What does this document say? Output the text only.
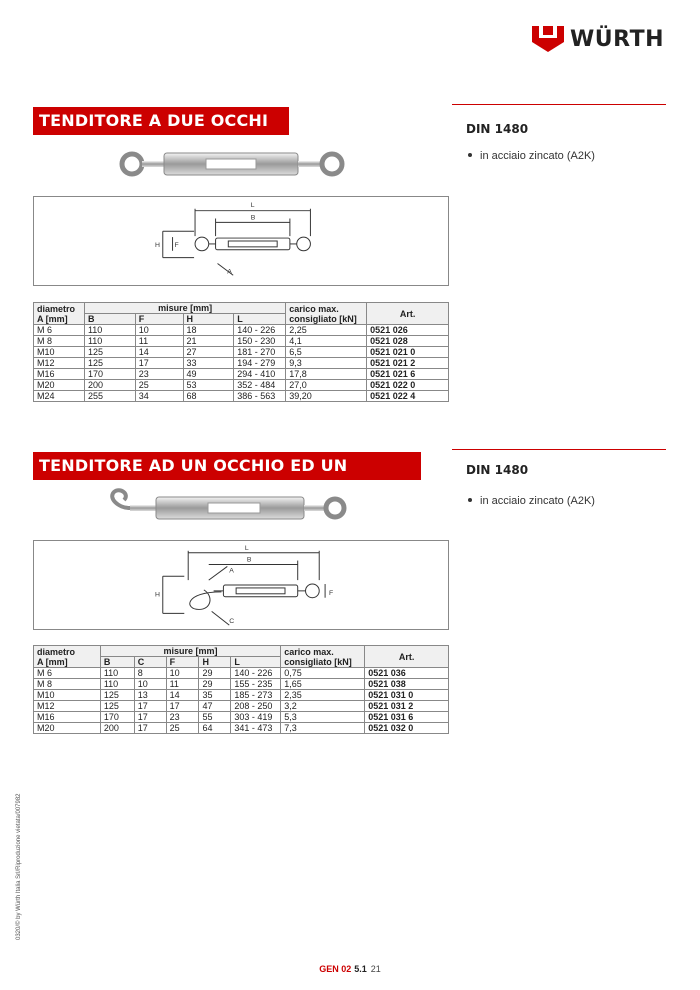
WÜRTH
TENDITORE A DUE OCCHI	DIN 1480
in acciaio zincato (A2K)
L
B
H F
A
diametro	misure [mm]				carico max.	Art.
A [mm]	B	F	H	L	consigliato [kN]	
M 6	110	10	18	140 - 226	2,25	0521 026
M 8	110	11	21	150 - 230	4,1	0521 028
M10	125	14	27	181 - 270	6,5	0521 021 0
M12	125	17	33	194 - 279	9,3	0521 021 2
M16	170	23	49	294 - 410	17,8	0521 021 6
M20	200	25	53	352 - 484	27,0	0521 022 0
M24	255	34	68	386 - 563	39,20	0521 022 4
TENDITORE AD UN OCCHIO ED UN GANCIO
DIN 1480
in acciaio zincato (A2K)
L
B
A
H	F
C
diametro	misure [mm]					carico max.	Art.
A [mm]	B	C	F	H	L	consigliato [kN]	
M 6	110	8	10	29	140 - 226	0,75	0521 036
M 8	110	10	11	29	155 - 235	1,65	0521 038
M10	125	13	14	35	185 - 273	2,35	0521 031 0
M12	125	17	17	47	208 - 250	3,2	0521 031 2
M16	170	17	23	55	303 - 419	5,3	0521 031 6
M20	200	17	25	64	341 - 473	7,3	0521 032 0
0320/© by Würth Italia Srl/Riproduzione vietata/007982
GEN 02 5.1 21
